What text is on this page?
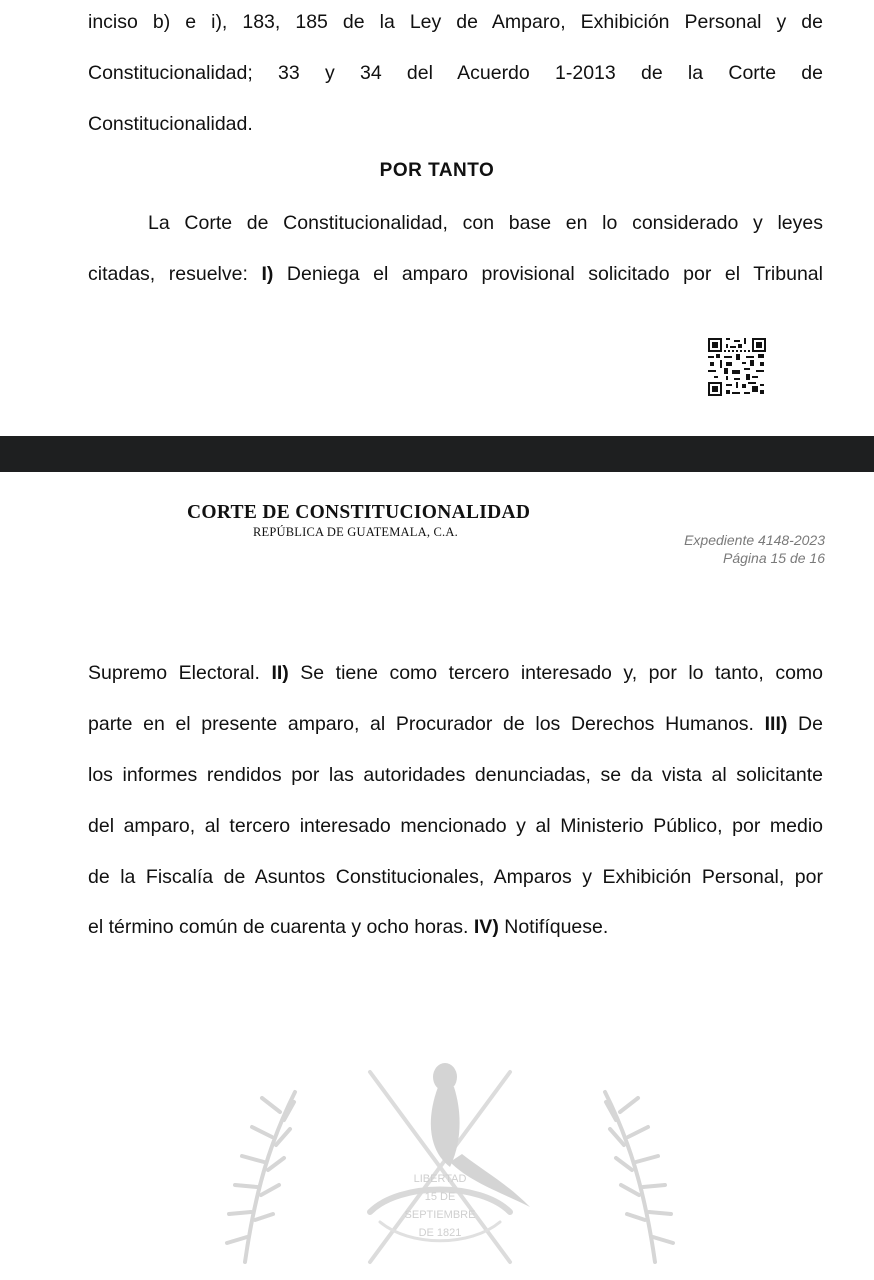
inciso b) e i), 183, 185 de la Ley de Amparo, Exhibición Personal y de
Constitucionalidad; 33 y 34 del Acuerdo 1-2013 de la Corte de
Constitucionalidad.
POR TANTO
La Corte de Constitucionalidad, con base en lo considerado y leyes
citadas, resuelve: I) Deniega el amparo provisional solicitado por el Tribunal
CORTE DE CONSTITUCIONALIDAD
REPÚBLICA DE GUATEMALA, C.A.	Expediente 4148-2023
Página 15 de 16
Supremo Electoral. II) Se tiene como tercero interesado y, por lo tanto, como
parte en el presente amparo, al Procurador de los Derechos Humanos. III) De
los informes rendidos por las autoridades denunciadas, se da vista al solicitante
del amparo, al tercero interesado mencionado y al Ministerio Público, por medio
de la Fiscalía de Asuntos Constitucionales, Amparos y Exhibición Personal, por
el término común de cuarenta y ocho horas. IV) Notifíquese.
LIBERTAD
15 DE
SEPTIEMBRE
DE 1821
